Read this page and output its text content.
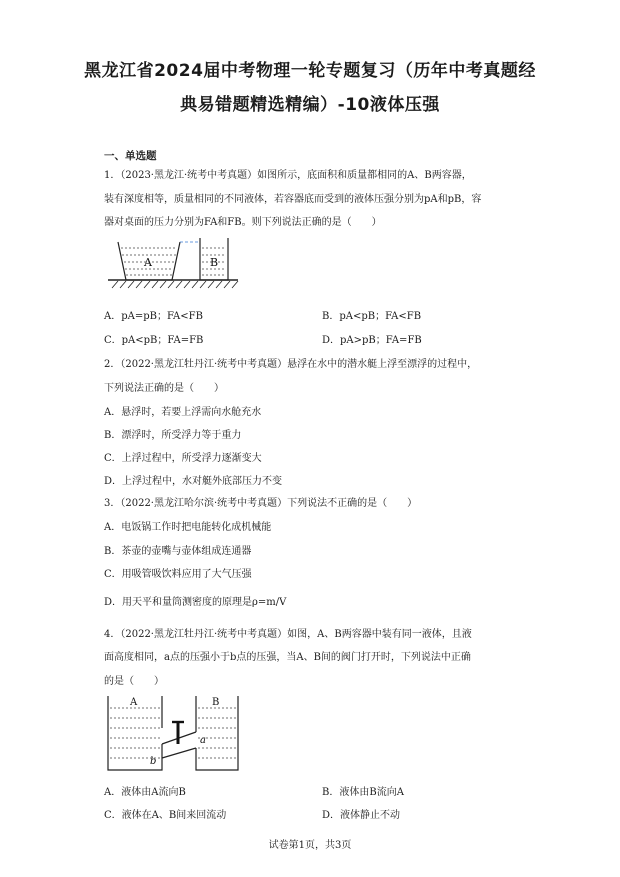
黑龙江省2024届中考物理一轮专题复习（历年中考真题经
典易错题精选精编）-10液体压强
一、单选题
1．（2023·黑龙江·统考中考真题）如图所示，底面积和质量都相同的A、B两容器，
装有深度相等，质量相同的不同液体，若容器底而受到的液体压强分别为pA和pB，容
器对桌面的压力分别为FA和FB。则下列说法正确的是（　　）
A	B
A．pA=pB；FA<FB	B．pA<pB；FA<FB
C．pA<pB；FA=FB	D．pA>pB；FA=FB
2．（2022·黑龙江牡丹江·统考中考真题）悬浮在水中的潜水艇上浮至漂浮的过程中，
下列说法正确的是（　　）
A．悬浮时，若要上浮需向水舱充水
B．漂浮时，所受浮力等于重力
C．上浮过程中，所受浮力逐渐变大
D．上浮过程中，水对艇外底部压力不变
3．（2022·黑龙江哈尔滨·统考中考真题）下列说法不正确的是（　　）
A．电饭锅工作时把电能转化成机械能
B．茶壶的壶嘴与壶体组成连通器
C．用吸管吸饮料应用了大气压强
D．用天平和量筒测密度的原理是ρ=m/V
4．（2022·黑龙江牡丹江·统考中考真题）如图，A、B两容器中装有同一液体，且液
面高度相同，a点的压强小于b点的压强，当A、B间的阀门打开时，下列说法中正确
的是（　　）
A	B
a
b
A．液体由A流向B	B．液体由B流向A
C．液体在A、B间来回流动	D．液体静止不动
试卷第1页，共3页
